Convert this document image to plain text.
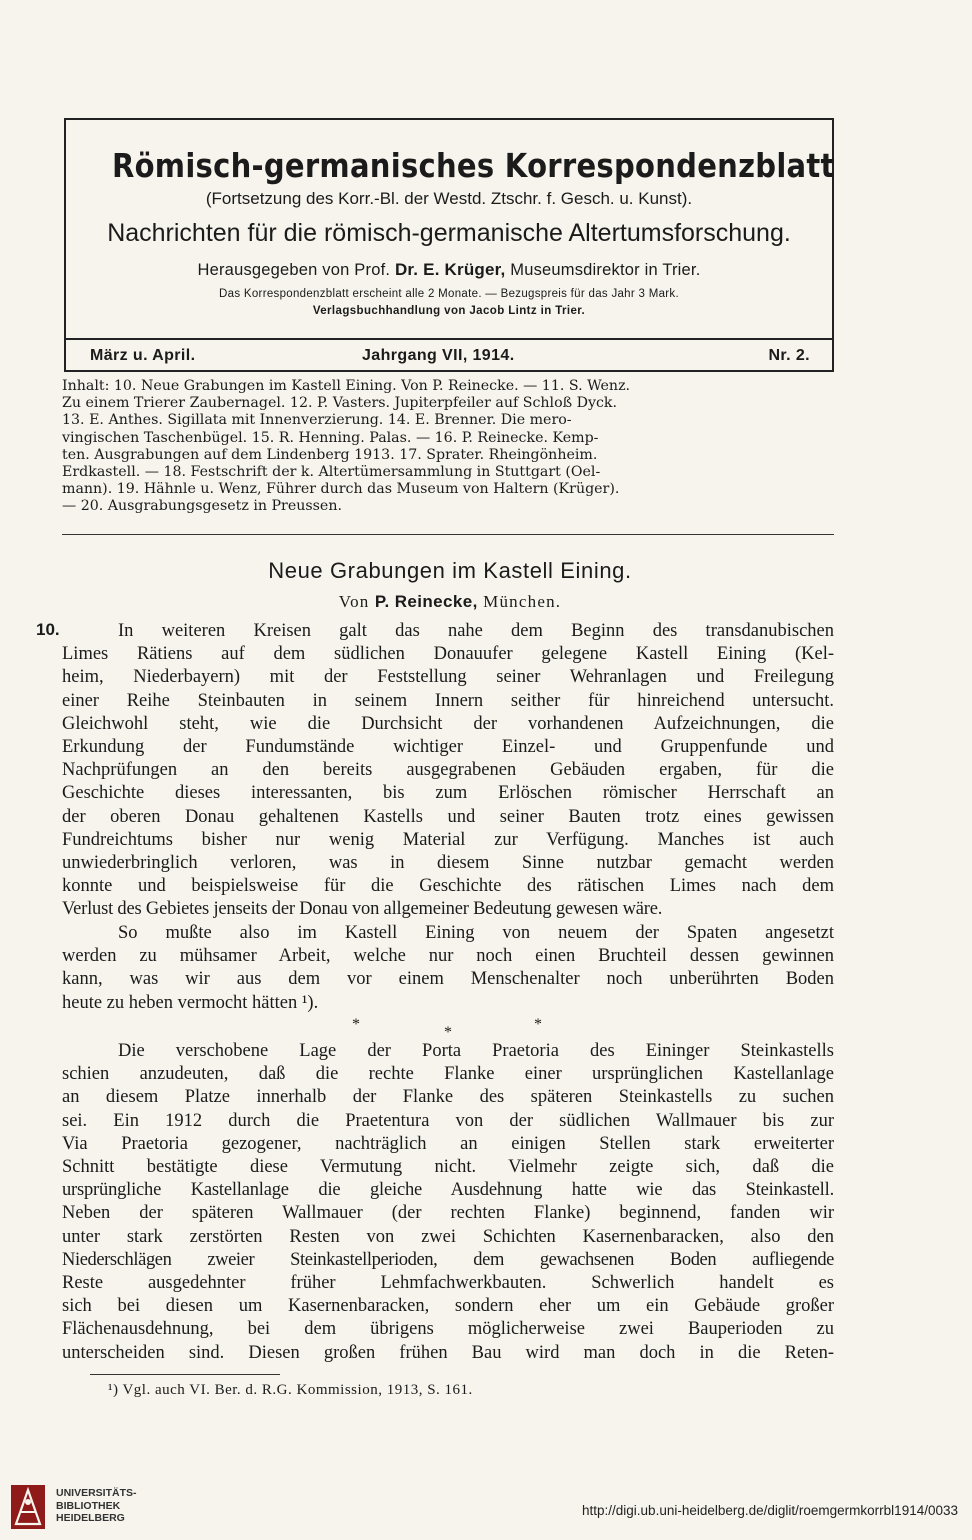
Römisch-germanisches Korrespondenzblatt
(Fortsetzung des Korr.-Bl. der Westd. Ztschr. f. Gesch. u. Kunst).
Nachrichten für die römisch-germanische Altertumsforschung.
Herausgegeben von Prof. Dr. E. Krüger, Museumsdirektor in Trier.
Das Korrespondenzblatt erscheint alle 2 Monate. — Bezugspreis für das Jahr 3 Mark.
Verlagsbuchhandlung von Jacob Lintz in Trier.
März u. April.	Jahrgang VII, 1914.	Nr. 2.
Inhalt: 10. Neue Grabungen im Kastell Eining. Von P. Reinecke. — 11. S. Wenz.
Zu einem Trierer Zaubernagel. 12. P. Vasters. Jupiterpfeiler auf Schloß Dyck.
13. E. Anthes. Sigillata mit Innenverzierung. 14. E. Brenner. Die mero-
vingischen Taschenbügel. 15. R. Henning. Palas. — 16. P. Reinecke. Kemp-
ten. Ausgrabungen auf dem Lindenberg 1913. 17. Sprater. Rheingönheim.
Erdkastell. — 18. Festschrift der k. Altertümersammlung in Stuttgart (Oel-
mann). 19. Hähnle u. Wenz, Führer durch das Museum von Haltern (Krüger).
— 20. Ausgrabungsgesetz in Preussen.
Neue Grabungen im Kastell Eining.
Von P. Reinecke, München.
10.	In weiteren Kreisen galt das nahe dem Beginn des transdanubischen
Limes Rätiens auf dem südlichen Donauufer gelegene Kastell Eining (Kel-
heim, Niederbayern) mit der Feststellung seiner Wehranlagen und Freilegung
einer Reihe Steinbauten in seinem Innern seither für hinreichend untersucht.
Gleichwohl steht, wie die Durchsicht der vorhandenen Aufzeichnungen, die
Erkundung der Fundumstände wichtiger Einzel- und Gruppenfunde und
Nachprüfungen an den bereits ausgegrabenen Gebäuden ergaben, für die
Geschichte dieses interessanten, bis zum Erlöschen römischer Herrschaft an
der oberen Donau gehaltenen Kastells und seiner Bauten trotz eines gewissen
Fundreichtums bisher nur wenig Material zur Verfügung. Manches ist auch
unwiederbringlich verloren, was in diesem Sinne nutzbar gemacht werden
konnte und beispielsweise für die Geschichte des rätischen Limes nach dem
Verlust des Gebietes jenseits der Donau von allgemeiner Bedeutung gewesen wäre.
So mußte also im Kastell Eining von neuem der Spaten angesetzt
werden zu mühsamer Arbeit, welche nur noch einen Bruchteil dessen gewinnen
kann, was wir aus dem vor einem Menschenalter noch unberührten Boden
heute zu heben vermocht hätten ¹).
*	*	*
Die verschobene Lage der Porta Praetoria des Eininger Steinkastells
schien anzudeuten, daß die rechte Flanke einer ursprünglichen Kastellanlage
an diesem Platze innerhalb der Flanke des späteren Steinkastells zu suchen
sei. Ein 1912 durch die Praetentura von der südlichen Wallmauer bis zur
Via Praetoria gezogener, nachträglich an einigen Stellen stark erweiterter
Schnitt bestätigte diese Vermutung nicht. Vielmehr zeigte sich, daß die
ursprüngliche Kastellanlage die gleiche Ausdehnung hatte wie das Steinkastell.
Neben der späteren Wallmauer (der rechten Flanke) beginnend, fanden wir
unter stark zerstörten Resten von zwei Schichten Kasernenbaracken, also den
Niederschlägen zweier Steinkastellperioden, dem gewachsenen Boden aufliegende
Reste ausgedehnter früher Lehmfachwerkbauten. Schwerlich handelt es
sich bei diesen um Kasernenbaracken, sondern eher um ein Gebäude großer
Flächenausdehnung, bei dem übrigens möglicherweise zwei Bauperioden zu
unterscheiden sind. Diesen großen frühen Bau wird man doch in die Reten-
¹) Vgl. auch VI. Ber. d. R.G. Kommission, 1913, S. 161.
UNIVERSITÄTS-
BIBLIOTHEK
HEIDELBERG	http://digi.ub.uni-heidelberg.de/diglit/roemgermkorrbl1914/0033
